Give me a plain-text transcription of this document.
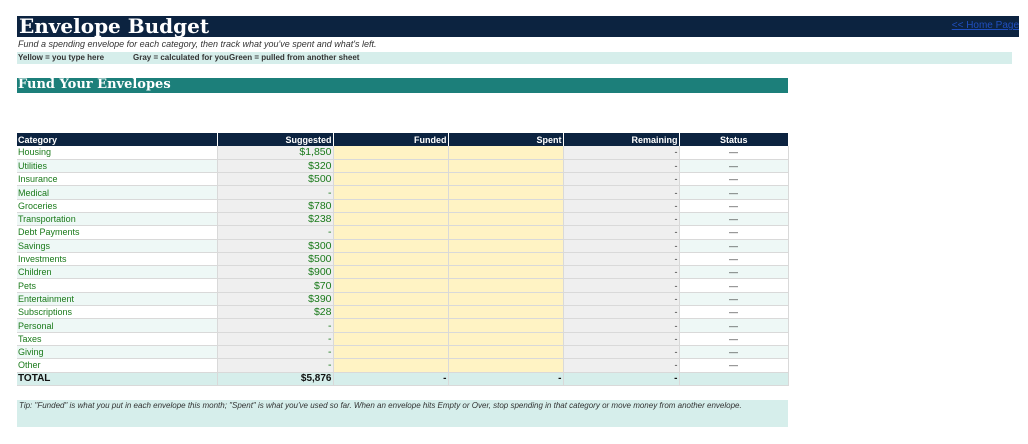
Envelope Budget	<< Home Page
Fund a spending envelope for each category, then track what you've spent and what's left.
Yellow = you type here	Gray = calculated for you Green = pulled from another sheet
Fund Your Envelopes
Category	Suggested	Funded	Spent	Remaining	Status
Housing	$1,850			-	—
Utilities	$320			-	—
Insurance	$500			-	—
Medical	-			-	—
Groceries	$780			-	—
Transportation	$238			-	—
Debt Payments	-			-	—
Savings	$300			-	—
Investments	$500			-	—
Children	$900			-	—
Pets	$70			-	—
Entertainment	$390			-	—
Subscriptions	$28			-	—
Personal	-			-	—
Taxes	-			-	—
Giving	-			-	—
Other	-			-	—
TOTAL	$5,876	-	-	-	
Tip: "Funded" is what you put in each envelope this month; "Spent" is what you've used so far. When an envelope hits Empty or Over, stop spending in that category or move money from another envelope.
